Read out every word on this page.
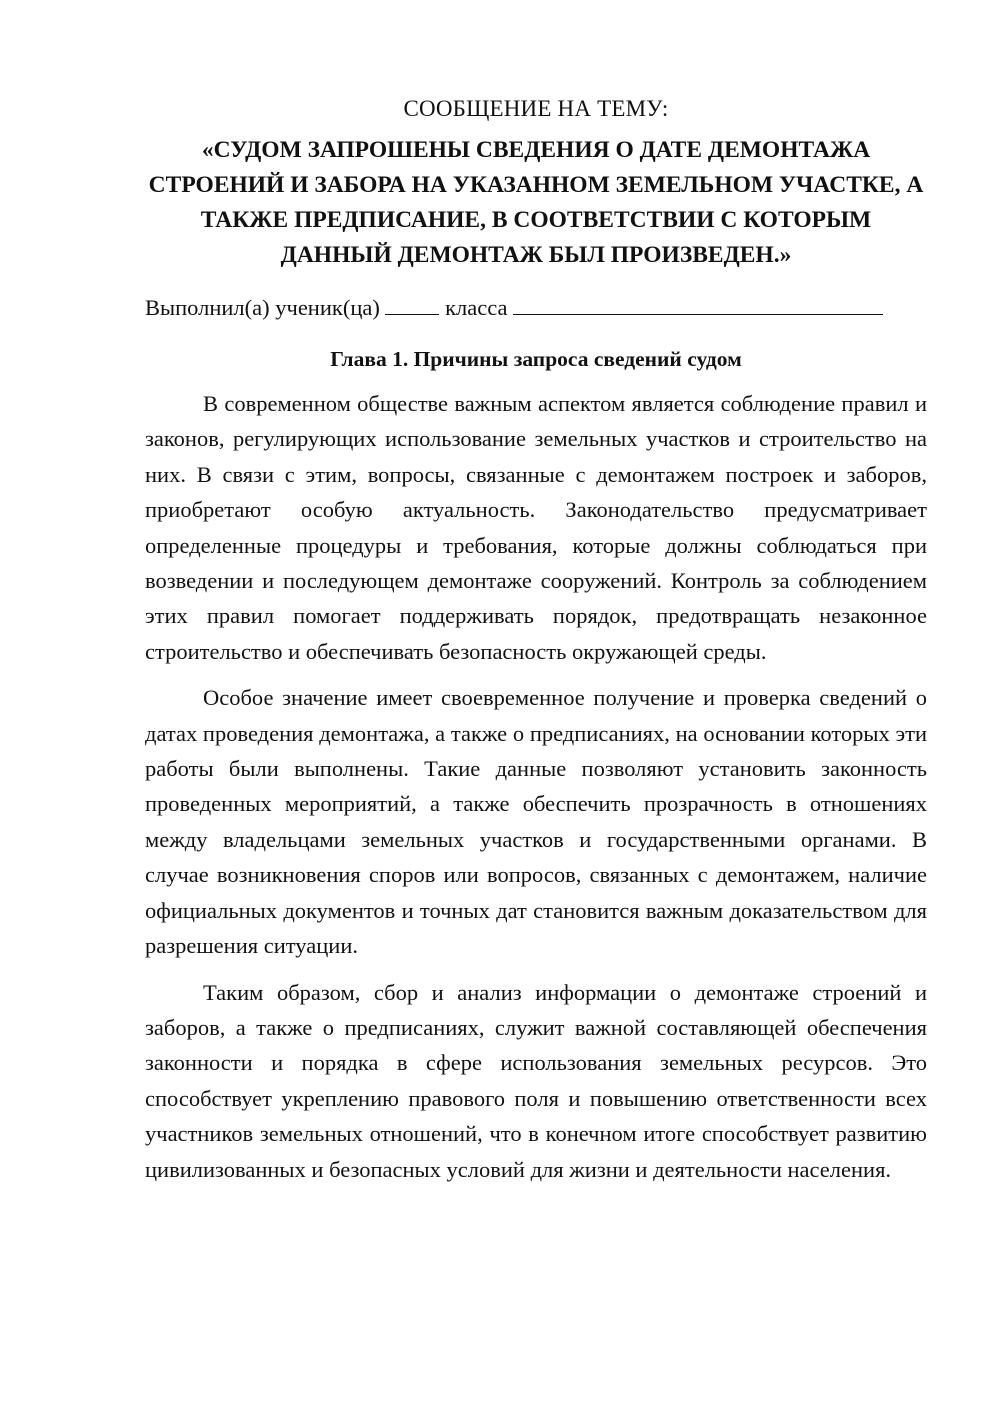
СООБЩЕНИЕ НА ТЕМУ:

«СУДОМ ЗАПРОШЕНЫ СВЕДЕНИЯ О ДАТЕ ДЕМОНТАЖА СТРОЕНИЙ И ЗАБОРА НА УКАЗАННОМ ЗЕМЕЛЬНОМ УЧАСТКЕ, А ТАКЖЕ ПРЕДПИСАНИЕ, В СООТВЕТСТВИИ С КОТОРЫМ ДАННЫЙ ДЕМОНТАЖ БЫЛ ПРОИЗВЕДЕН.»
Выполнил(а) ученик(ца)	класса
Глава 1. Причины запроса сведений судом

В современном обществе важным аспектом является соблюдение правил и законов, регулирующих использование земельных участков и строительство на них. В связи с этим, вопросы, связанные с демонтажем построек и заборов, приобретают особую актуальность. Законодательство предусматривает определенные процедуры и требования, которые должны соблюдаться при возведении и последующем демонтаже сооружений. Контроль за соблюдением этих правил помогает поддерживать порядок, предотвращать незаконное строительство и обеспечивать безопасность окружающей среды.

Особое значение имеет своевременное получение и проверка сведений о датах проведения демонтажа, а также о предписаниях, на основании которых эти работы были выполнены. Такие данные позволяют установить законность проведенных мероприятий, а также обеспечить прозрачность в отношениях между владельцами земельных участков и государственными органами. В случае возникновения споров или вопросов, связанных с демонтажем, наличие официальных документов и точных дат становится важным доказательством для разрешения ситуации.

Таким образом, сбор и анализ информации о демонтаже строений и заборов, а также о предписаниях, служит важной составляющей обеспечения законности и порядка в сфере использования земельных ресурсов. Это способствует укреплению правового поля и повышению ответственности всех участников земельных отношений, что в конечном итоге способствует развитию цивилизованных и безопасных условий для жизни и деятельности населения.
